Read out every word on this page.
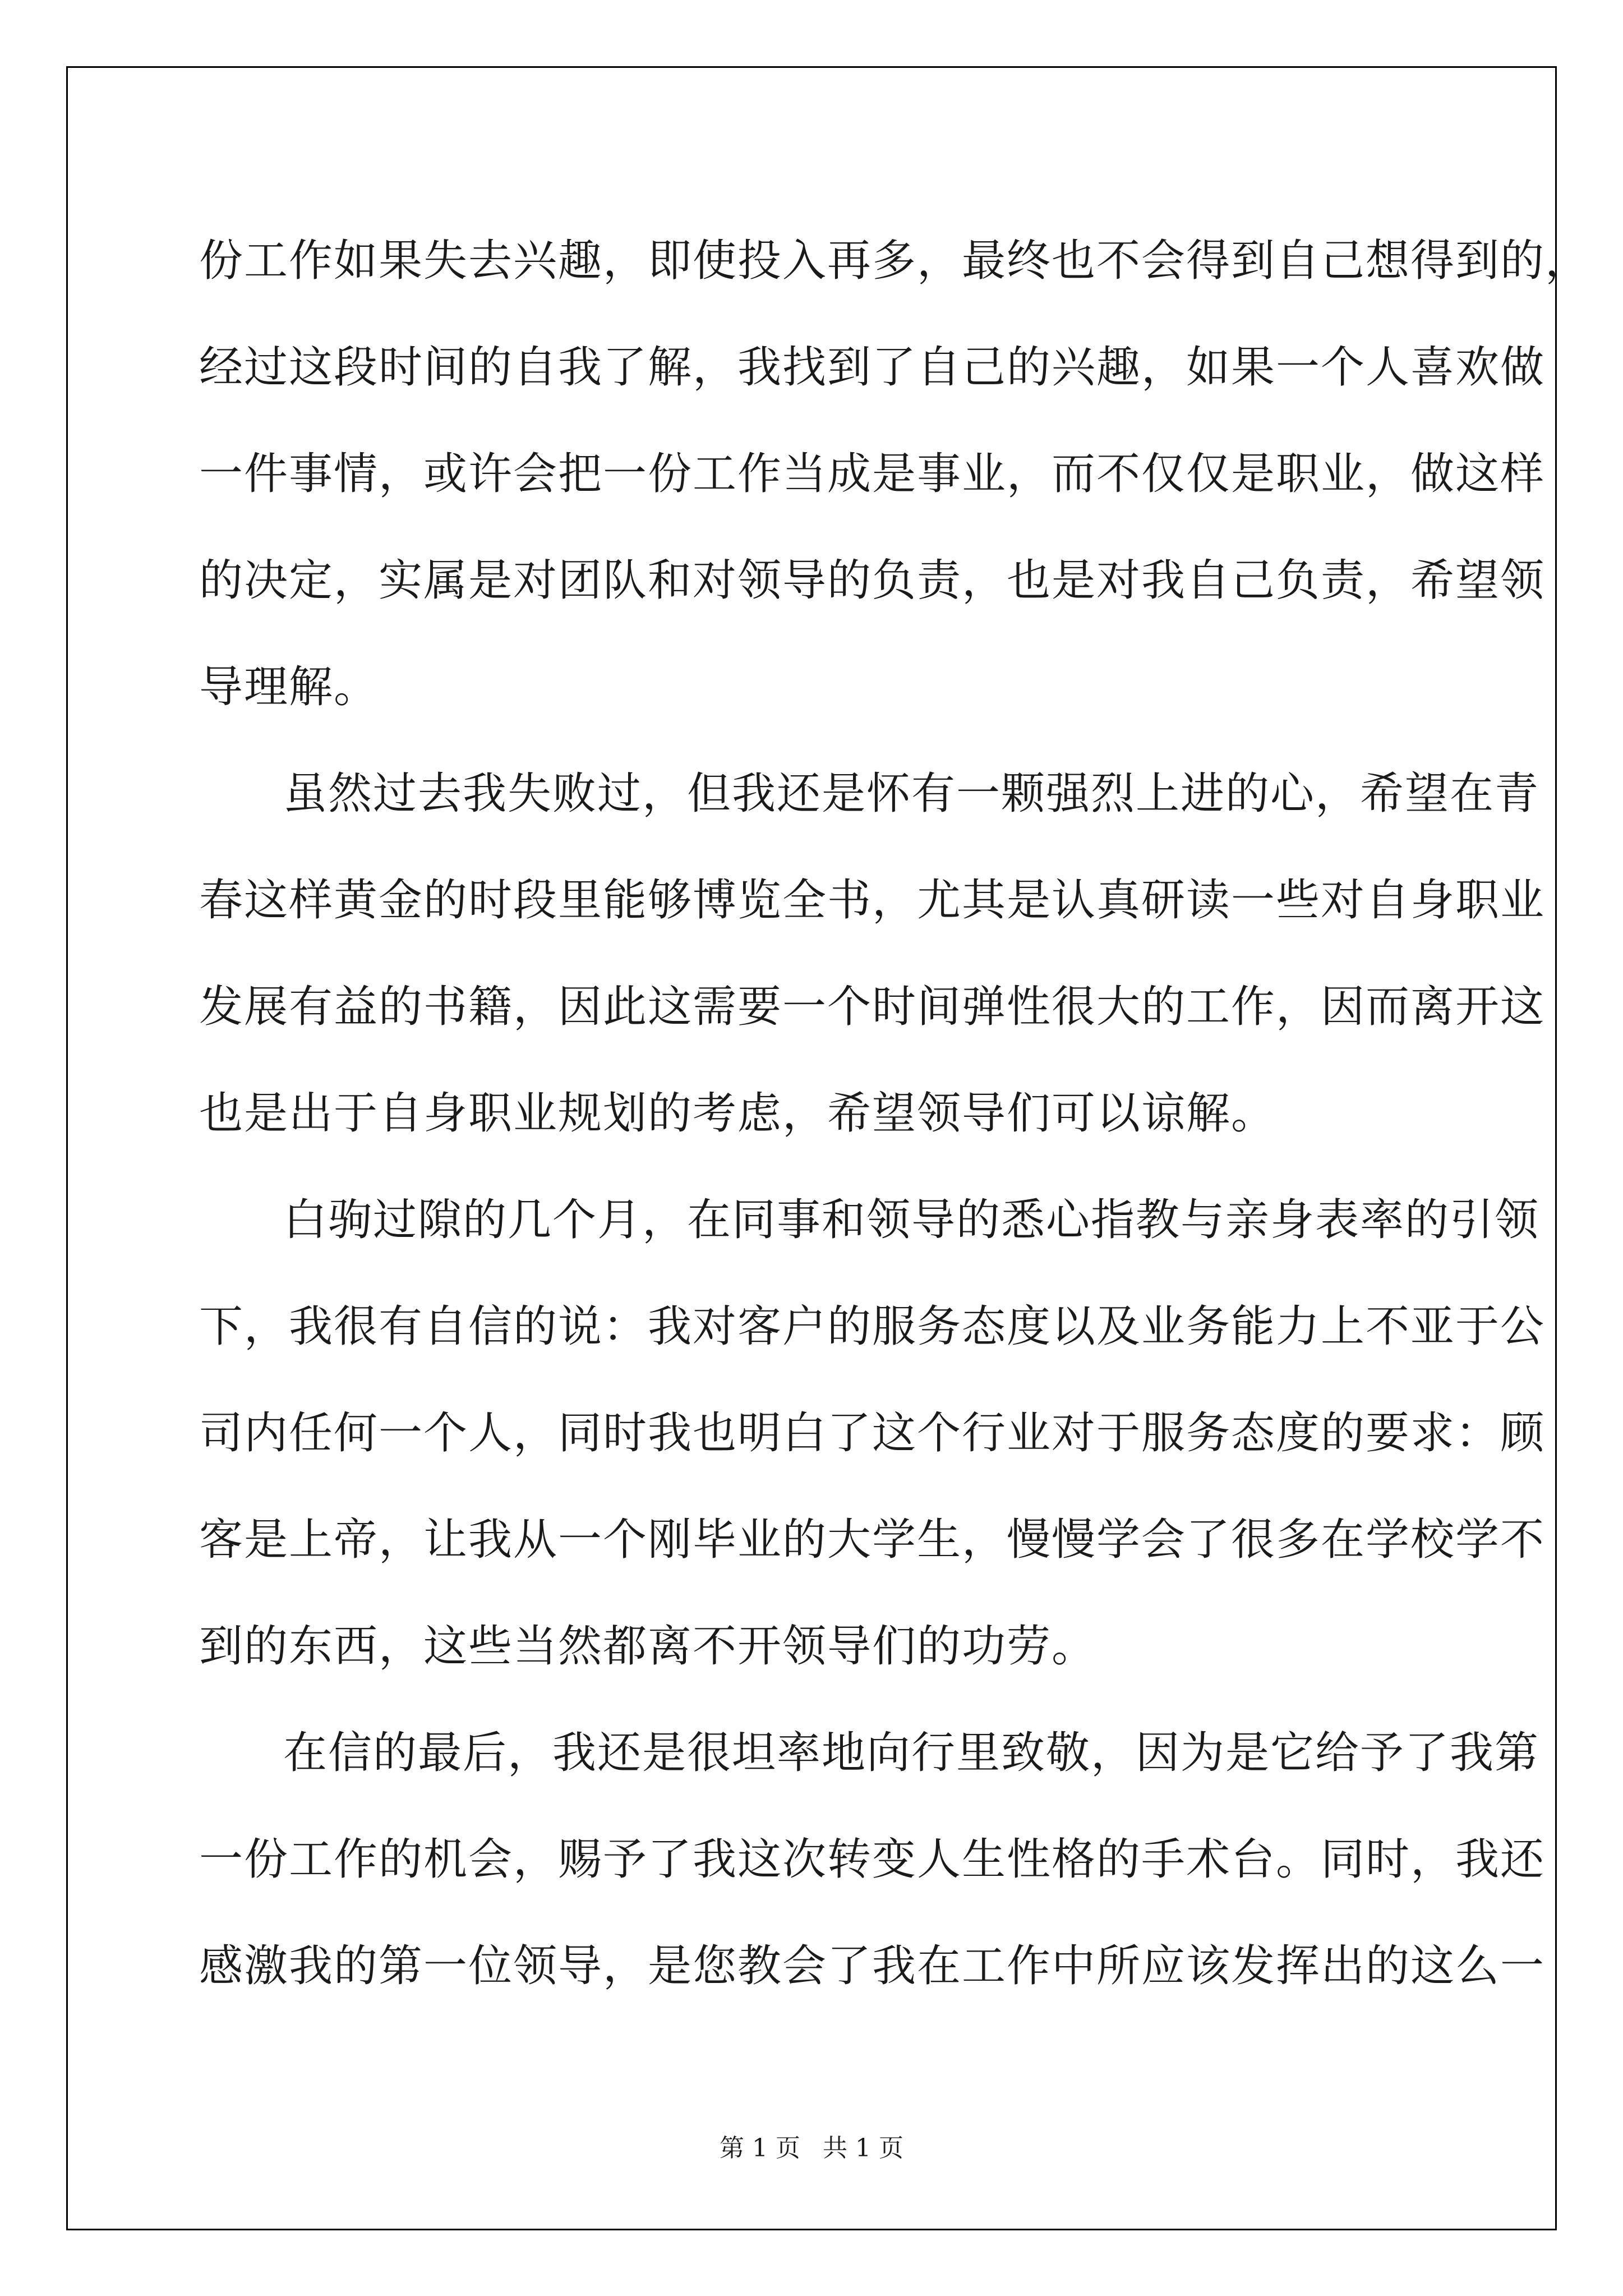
份工作如果失去兴趣，即使投入再多，最终也不会得到自己想得到的，
经过这段时间的自我了解，我找到了自己的兴趣，如果一个人喜欢做
一件事情，或许会把一份工作当成是事业，而不仅仅是职业，做这样
的决定，实属是对团队和对领导的负责，也是对我自己负责，希望领
导理解。
虽然过去我失败过，但我还是怀有一颗强烈上进的心，希望在青
春这样黄金的时段里能够博览全书，尤其是认真研读一些对自身职业
发展有益的书籍，因此这需要一个时间弹性很大的工作，因而离开这
也是出于自身职业规划的考虑，希望领导们可以谅解。
白驹过隙的几个月，在同事和领导的悉心指教与亲身表率的引领
下，我很有自信的说：我对客户的服务态度以及业务能力上不亚于公
司内任何一个人，同时我也明白了这个行业对于服务态度的要求：顾
客是上帝，让我从一个刚毕业的大学生，慢慢学会了很多在学校学不
到的东西，这些当然都离不开领导们的功劳。
在信的最后，我还是很坦率地向行里致敬，因为是它给予了我第
一份工作的机会，赐予了我这次转变人生性格的手术台。同时，我还
感激我的第一位领导，是您教会了我在工作中所应该发挥出的这么一
第 1 页 共 1 页
